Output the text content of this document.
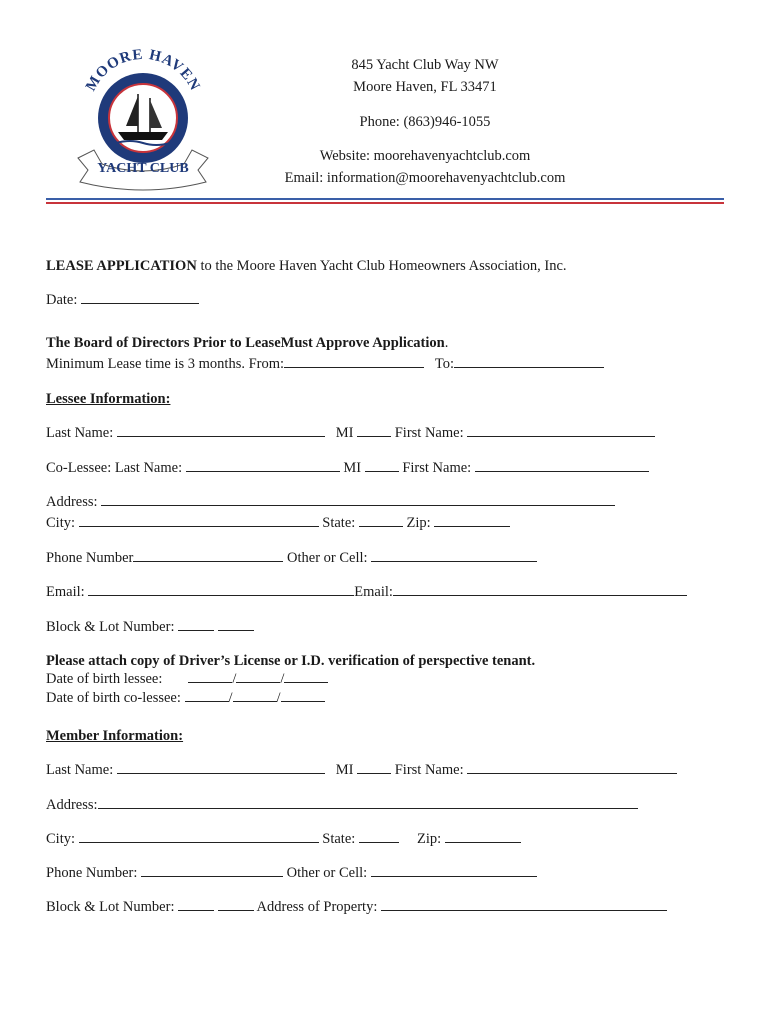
MOORE HAVEN
YACHT CLUB
845 Yacht Club Way NW
Moore Haven, FL 33471
Phone: (863)946-1055
Website: moorehavenyachtclub.com
Email: information@moorehavenyachtclub.com
LEASE APPLICATION to the Moore Haven Yacht Club Homeowners Association, Inc.
Date:
The Board of Directors Prior to LeaseMust Approve Application.
Minimum Lease time is 3 months. From:	To:
Lessee Information:
Last Name:	MI	First Name:
Co-Lessee: Last Name:	MI	First Name:
Address:
City:	State:	Zip:
Phone Number	Other or Cell:
Email:	Email:
Block & Lot Number:
Please attach copy of Driver’s License or I.D. verification of perspective tenant.
Date of birth lessee:	/	/
Date of birth co-lessee:	/	/
Member Information:
Last Name:	MI	First Name:
Address:
City:	State:	Zip:
Phone Number:	Other or Cell:
Block & Lot Number:	Address of Property:
